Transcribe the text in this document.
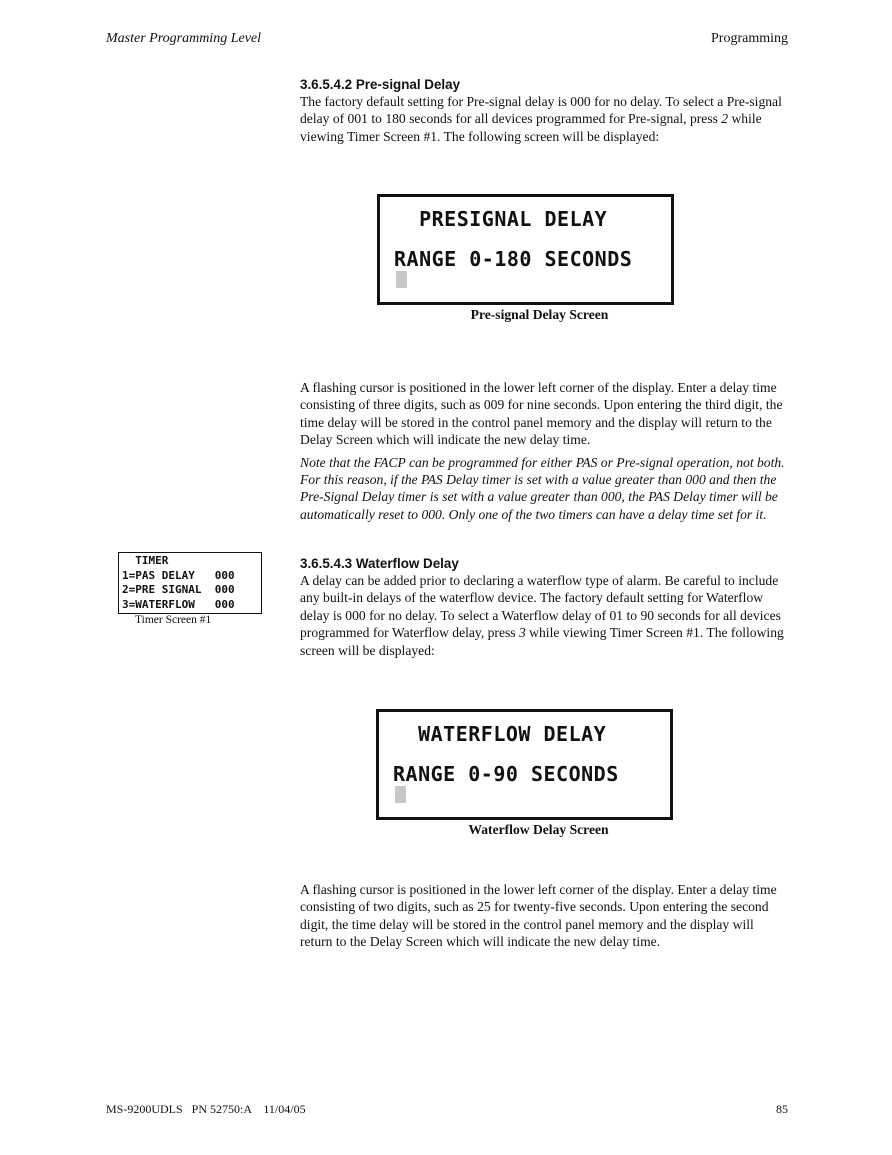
Master Programming Level	Programming

3.6.5.4.2 Pre-signal Delay

The factory default setting for Pre-signal delay is 000 for no delay. To select a Pre-signal delay of 001 to 180 seconds for all devices programmed for Pre-signal, press 2 while viewing Timer Screen #1. The following screen will be displayed:

PRESIGNAL DELAY
RANGE 0-180 SECONDS
Pre-signal Delay Screen

A flashing cursor is positioned in the lower left corner of the display. Enter a delay time consisting of three digits, such as 009 for nine seconds. Upon entering the third digit, the time delay will be stored in the control panel memory and the display will return to the Delay Screen which will indicate the new delay time.

Note that the FACP can be programmed for either PAS or Pre-signal operation, not both. For this reason, if the PAS Delay timer is set with a value greater than 000 and then the Pre-Signal Delay timer is set with a value greater than 000, the PAS Delay timer will be automatically reset to 000. Only one of the two timers can have a delay time set for it.

TIMER
1=PAS DELAY   000
2=PRE SIGNAL  000
3=WATERFLOW   000
Timer Screen #1

3.6.5.4.3 Waterflow Delay

A delay can be added prior to declaring a waterflow type of alarm. Be careful to include any built-in delays of the waterflow device. The factory default setting for Waterflow delay is 000 for no delay. To select a Waterflow delay of 01 to 90 seconds for all devices programmed for Waterflow delay, press 3 while viewing Timer Screen #1. The following screen will be displayed:

WATERFLOW DELAY
RANGE 0-90 SECONDS
Waterflow Delay Screen

A flashing cursor is positioned in the lower left corner of the display. Enter a delay time consisting of two digits, such as 25 for twenty-five seconds. Upon entering the second digit, the time delay will be stored in the control panel memory and the display will return to the Delay Screen which will indicate the new delay time.

MS-9200UDLS   PN 52750:A    11/04/05	85
